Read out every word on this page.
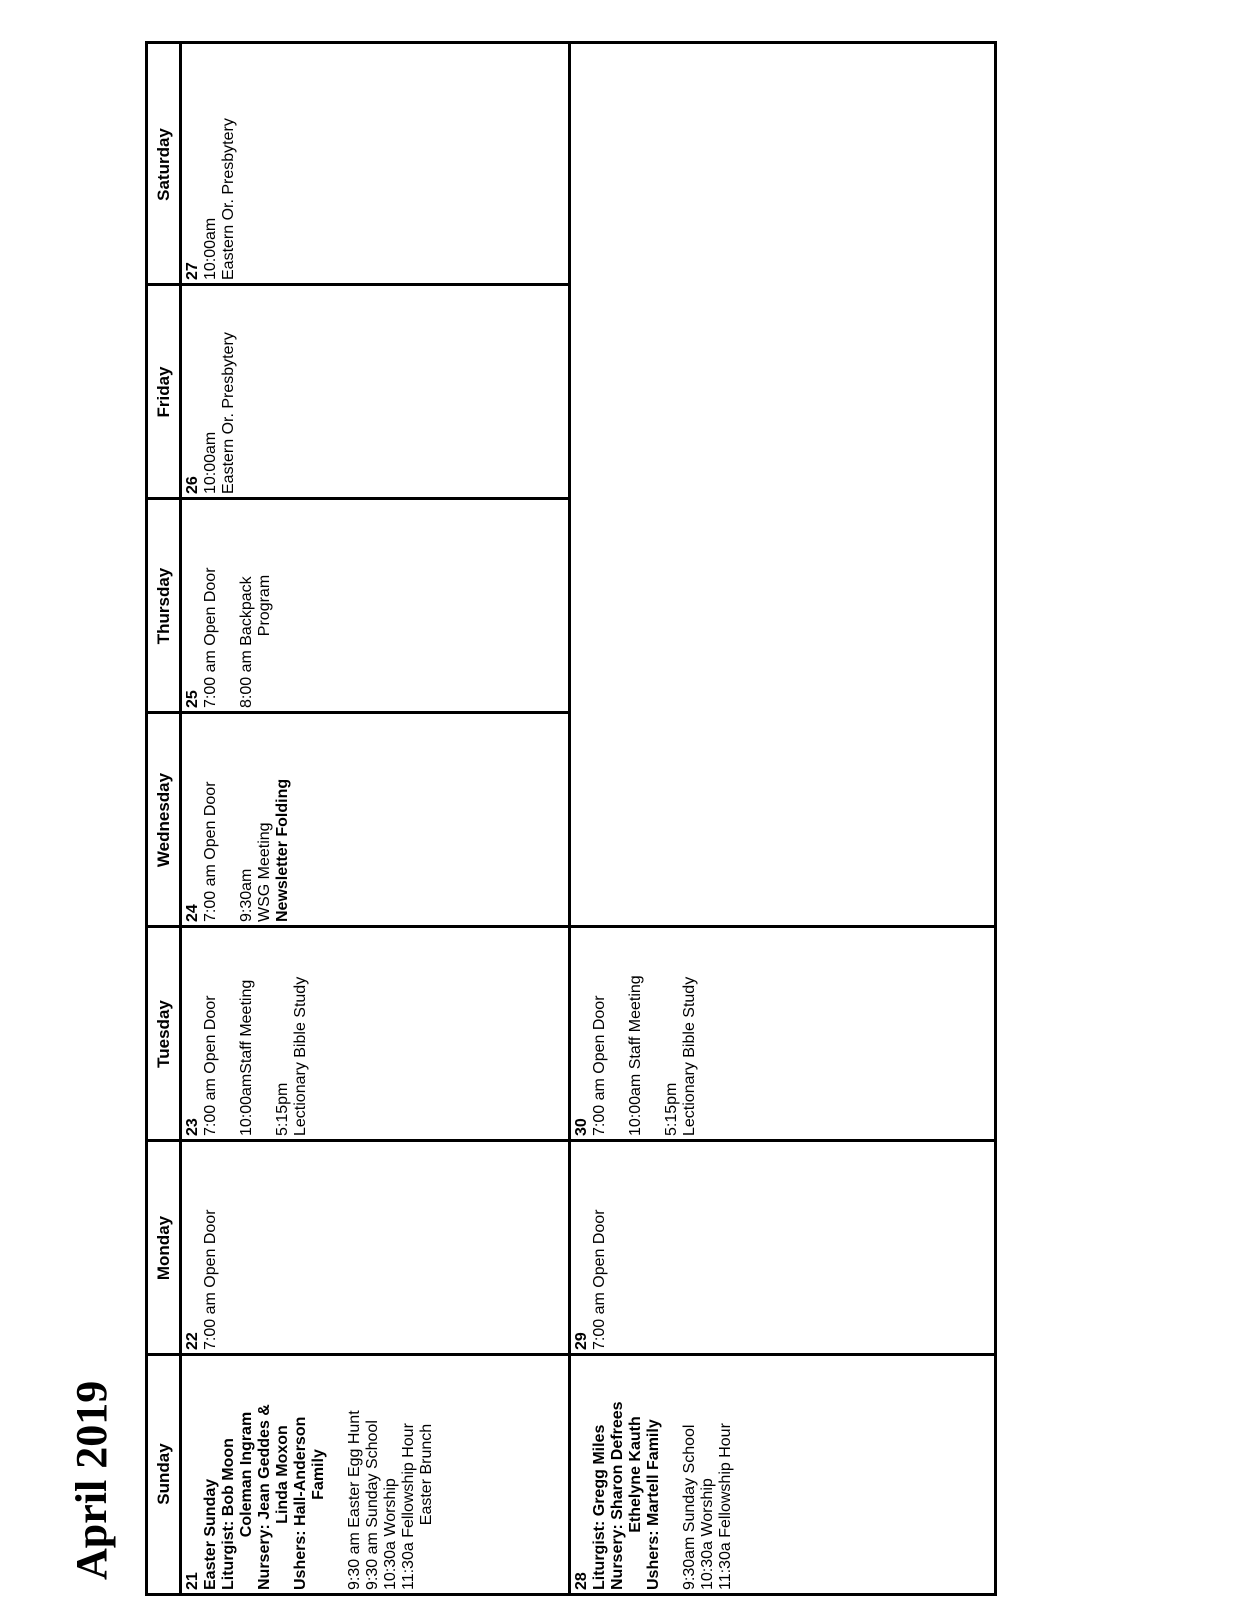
April 2019	Sunday
Monday
Tuesday
Wednesday
Thursday
Friday
Saturday
21 Easter Sunday Liturgist: Bob Moon Coleman Ingram Nursery: Jean Geddes & Linda Moxon Ushers: Hall-Anderson Family 9:30 am Easter Egg Hunt 9:30 am Sunday School 10:30a Worship 11:30a Fellowship Hour Easter Brunch
22 7:00 am Open Door
23 7:00 am Open Door 10:00amStaff Meeting 5:15pm Lectionary Bible Study
24 7:00 am Open Door 9:30am WSG Meeting Newsletter Folding
25 7:00 am Open Door 8:00 am Backpack Program
26 10:00am Eastern Or. Presbytery
27 10:00am Eastern Or. Presbytery
28 Liturgist: Gregg Miles Nursery: Sharon Defrees Ethelyne Kauth Ushers: Martell Family 9:30am Sunday School 10:30a Worship 11:30a Fellowship Hour
29 7:00 am Open Door
30 7:00 am Open Door 10:00am Staff Meeting 5:15pm Lectionary Bible Study
